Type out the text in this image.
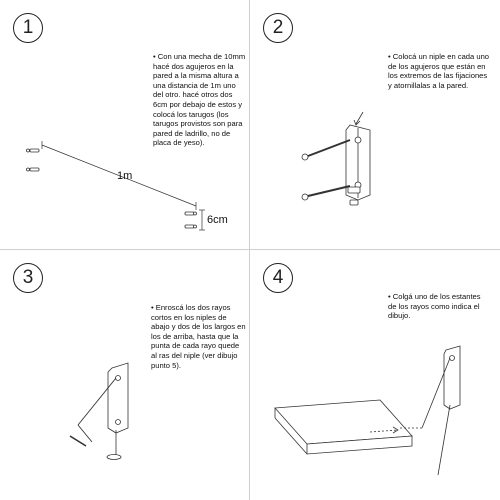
1m
6cm
1
• Con una mecha de 10mm hacé dos agujeros en la pared a la misma altura a una distancia de 1m uno del otro. hacé otros dos 6cm por debajo de estos y colocá los tarugos (los tarugos provistos son para pared de ladrillo, no de placa de yeso).
2
• Colocá un niple en cada uno de los agujeros que están en los extremos de las fijaciones y atornillalas a la pared.
3
• Enroscá los dos rayos cortos en los niples de abajo y dos de los largos en los de arriba, hasta que la punta de cada rayo quede al ras del niple (ver dibujo punto 5).
4
• Colgá uno de los estantes de los rayos como indica el dibujo.
